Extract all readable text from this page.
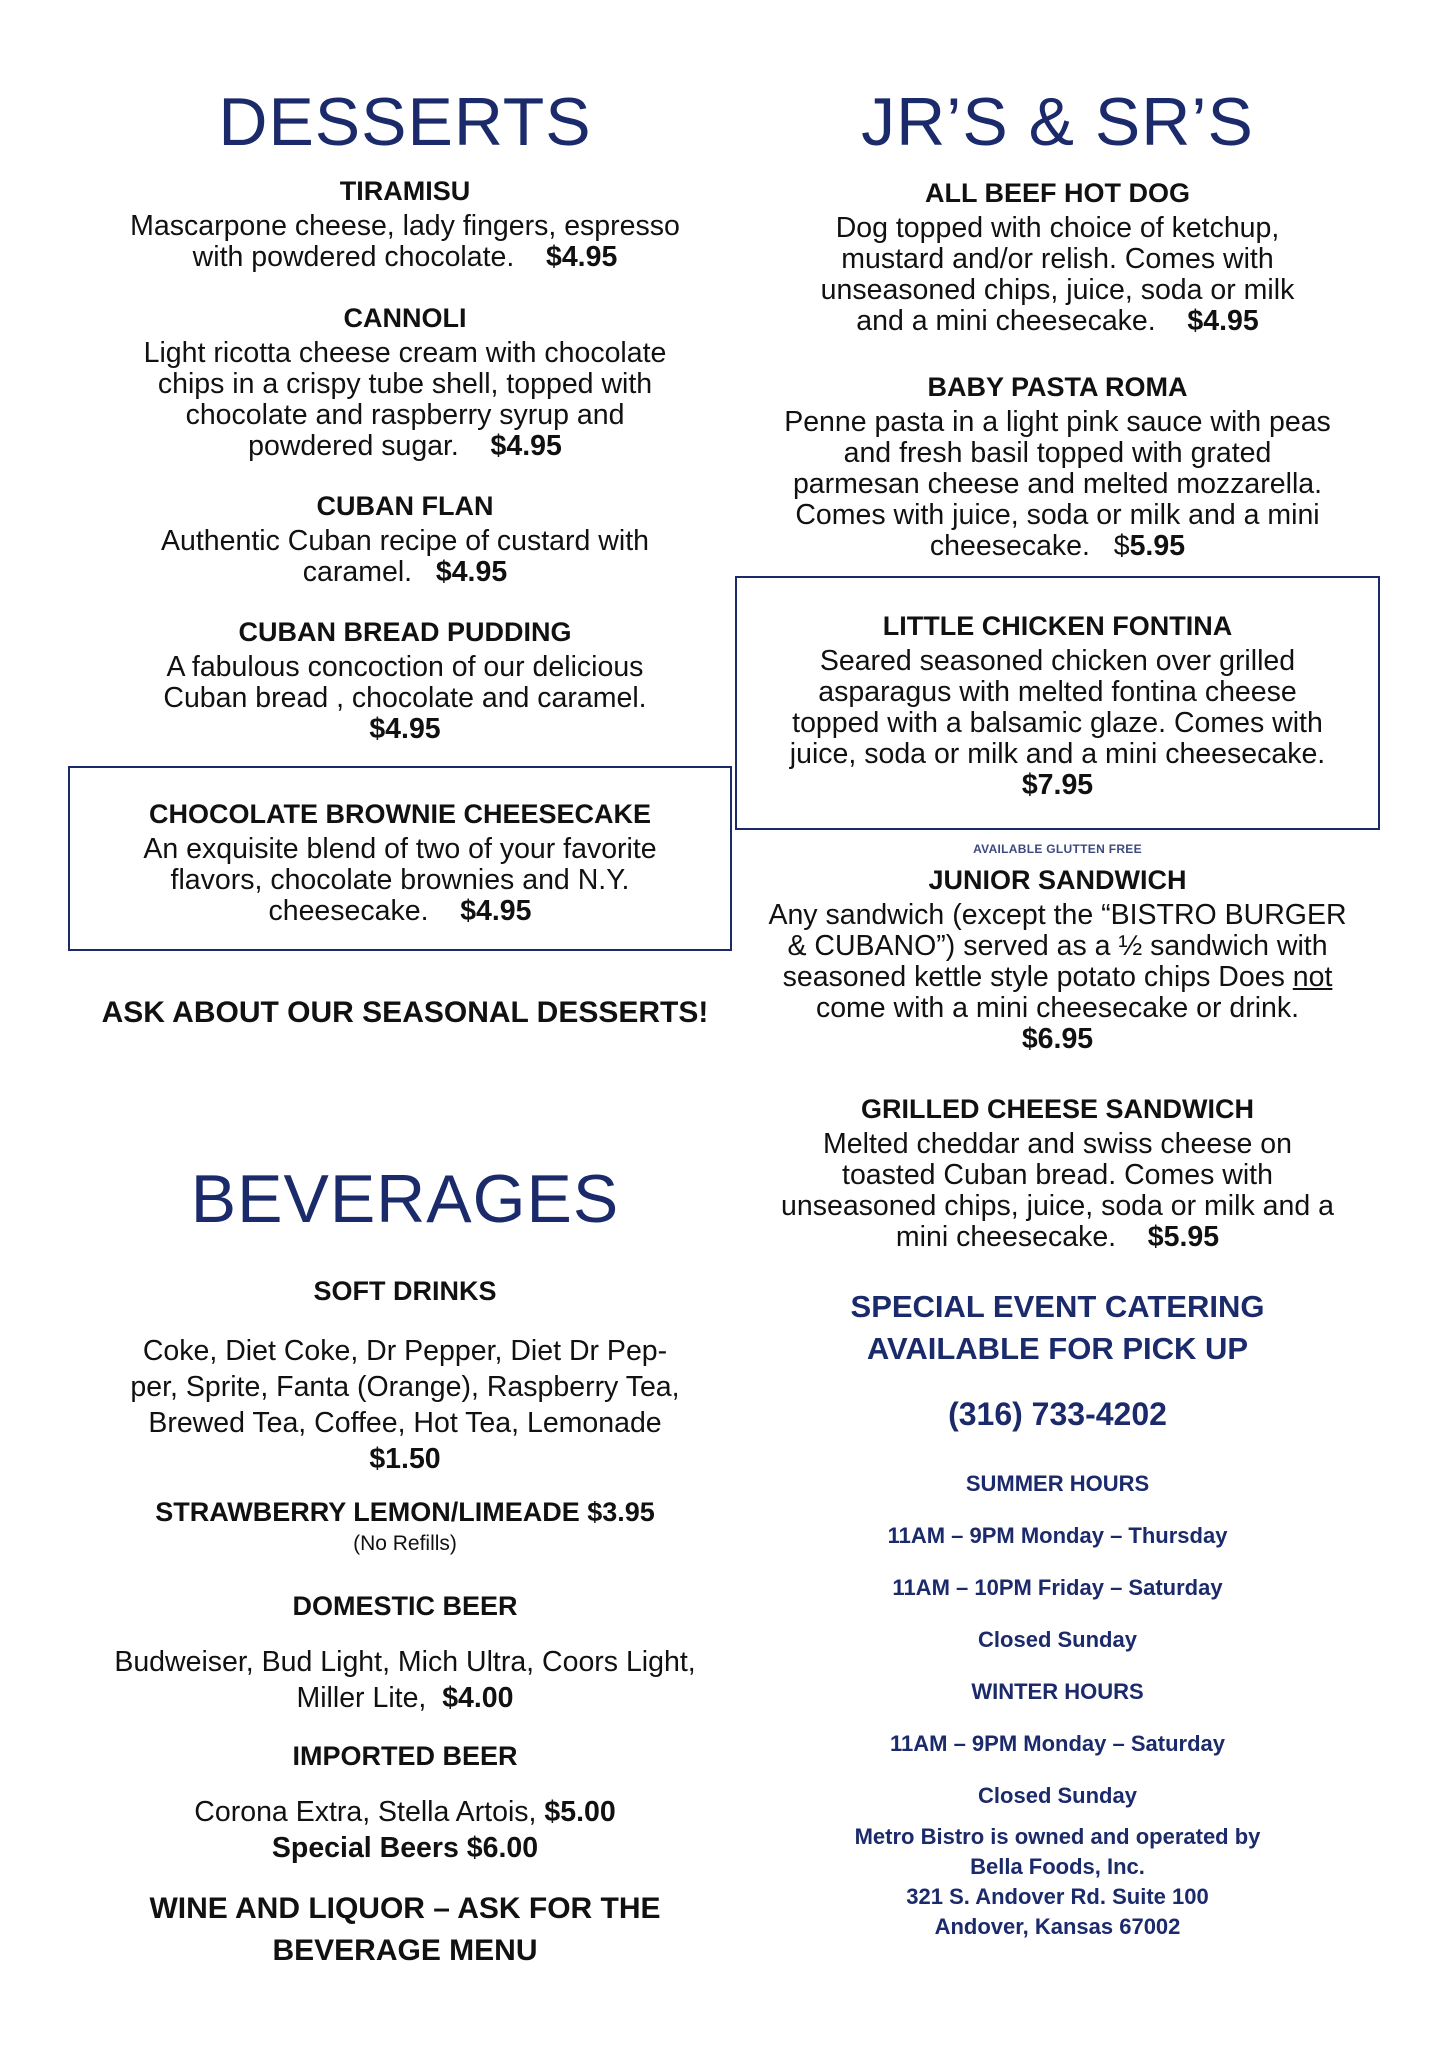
DESSERTS
TIRAMISU
Mascarpone cheese, lady fingers, espresso
with powdered chocolate. $4.95
CANNOLI
Light ricotta cheese cream with chocolate
chips in a crispy tube shell, topped with
chocolate and raspberry syrup and
powdered sugar. $4.95
CUBAN FLAN
Authentic Cuban recipe of custard with
caramel. $4.95
CUBAN BREAD PUDDING
A fabulous concoction of our delicious
Cuban bread , chocolate and caramel.
$4.95
CHOCOLATE BROWNIE CHEESECAKE
An exquisite blend of two of your favorite
flavors, chocolate brownies and N.Y.
cheesecake. $4.95
ASK ABOUT OUR SEASONAL DESSERTS!
BEVERAGES
SOFT DRINKS
Coke, Diet Coke, Dr Pepper, Diet Dr Pep-
per, Sprite, Fanta (Orange), Raspberry Tea,
Brewed Tea, Coffee, Hot Tea, Lemonade
$1.50
STRAWBERRY LEMON/LIMEADE $3.95
(No Refills)
DOMESTIC BEER
Budweiser, Bud Light, Mich Ultra, Coors Light,
Miller Lite, $4.00
IMPORTED BEER
Corona Extra, Stella Artois, $5.00
Special Beers $6.00
WINE AND LIQUOR – ASK FOR THE
BEVERAGE MENU
JR’S & SR’S
ALL BEEF HOT DOG
Dog topped with choice of ketchup,
mustard and/or relish. Comes with
unseasoned chips, juice, soda or milk
and a mini cheesecake. $4.95
BABY PASTA ROMA
Penne pasta in a light pink sauce with peas
and fresh basil topped with grated
parmesan cheese and melted mozzarella.
Comes with juice, soda or milk and a mini
cheesecake. $5.95
LITTLE CHICKEN FONTINA
Seared seasoned chicken over grilled
asparagus with melted fontina cheese
topped with a balsamic glaze. Comes with
juice, soda or milk and a mini cheesecake.
$7.95
AVAILABLE GLUTTEN FREE
JUNIOR SANDWICH
Any sandwich (except the “BISTRO BURGER
& CUBANO”) served as a ½ sandwich with
seasoned kettle style potato chips Does not
come with a mini cheesecake or drink.
$6.95
GRILLED CHEESE SANDWICH
Melted cheddar and swiss cheese on
toasted Cuban bread. Comes with
unseasoned chips, juice, soda or milk and a
mini cheesecake. $5.95
SPECIAL EVENT CATERING
AVAILABLE FOR PICK UP
(316) 733-4202
SUMMER HOURS
11AM – 9PM Monday – Thursday
11AM – 10PM Friday – Saturday
Closed Sunday
WINTER HOURS
11AM – 9PM Monday – Saturday
Closed Sunday
Metro Bistro is owned and operated by
Bella Foods, Inc.
321 S. Andover Rd. Suite 100
Andover, Kansas 67002
